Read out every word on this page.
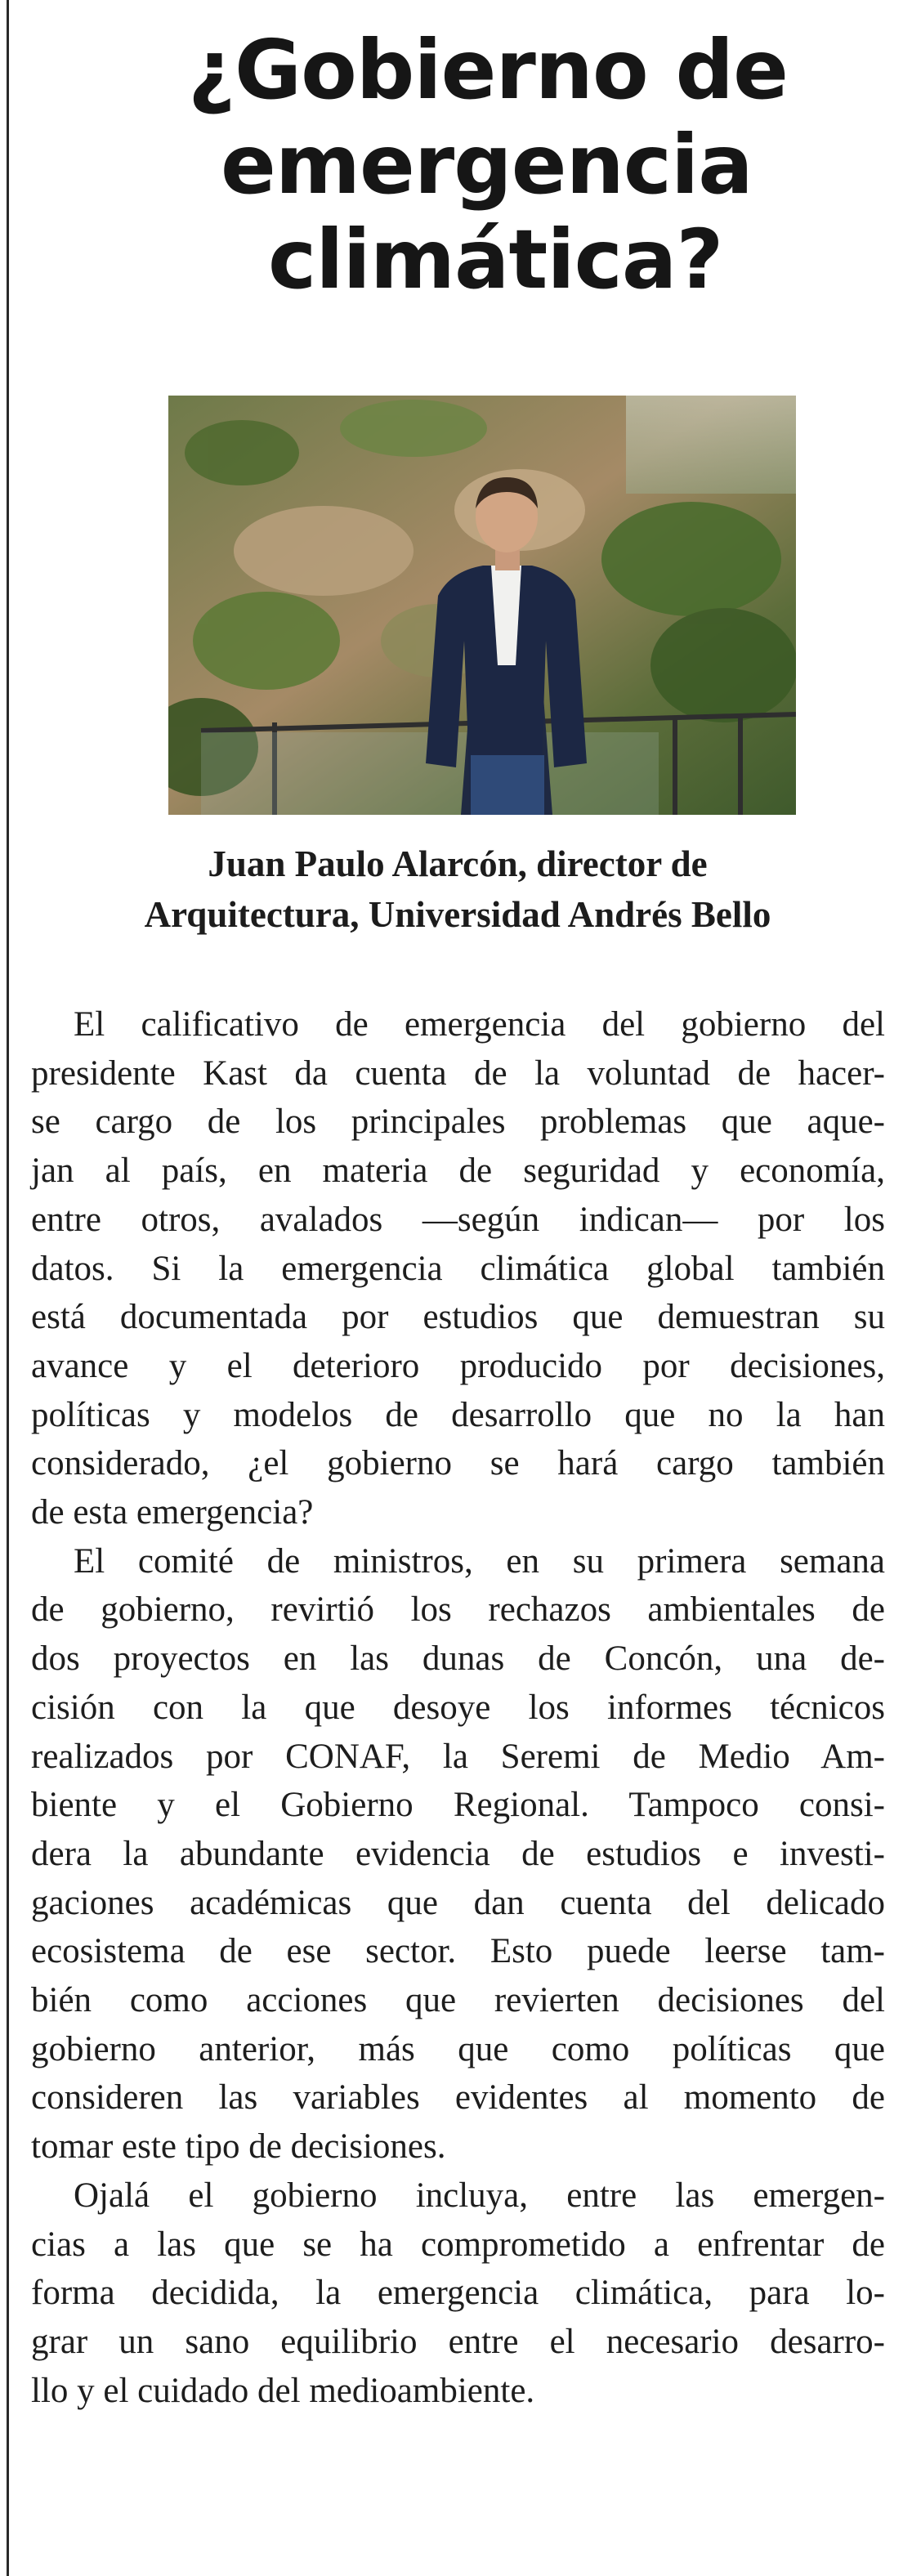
¿Gobierno de
emergencia
climática?

Juan Paulo Alarcón, director de
Arquitectura, Universidad Andrés Bello

El calificativo de emergencia del gobierno del
presidente Kast da cuenta de la voluntad de hacer-
se cargo de los principales problemas que aque-
jan al país, en materia de seguridad y economía,
entre otros, avalados —según indican— por los
datos. Si la emergencia climática global también
está documentada por estudios que demuestran su
avance y el deterioro producido por decisiones,
políticas y modelos de desarrollo que no la han
considerado, ¿el gobierno se hará cargo también
de esta emergencia?
El comité de ministros, en su primera semana
de gobierno, revirtió los rechazos ambientales de
dos proyectos en las dunas de Concón, una de-
cisión con la que desoye los informes técnicos
realizados por CONAF, la Seremi de Medio Am-
biente y el Gobierno Regional. Tampoco consi-
dera la abundante evidencia de estudios e investi-
gaciones académicas que dan cuenta del delicado
ecosistema de ese sector. Esto puede leerse tam-
bién como acciones que revierten decisiones del
gobierno anterior, más que como políticas que
consideren las variables evidentes al momento de
tomar este tipo de decisiones.
Ojalá el gobierno incluya, entre las emergen-
cias a las que se ha comprometido a enfrentar de
forma decidida, la emergencia climática, para lo-
grar un sano equilibrio entre el necesario desarro-
llo y el cuidado del medioambiente.
